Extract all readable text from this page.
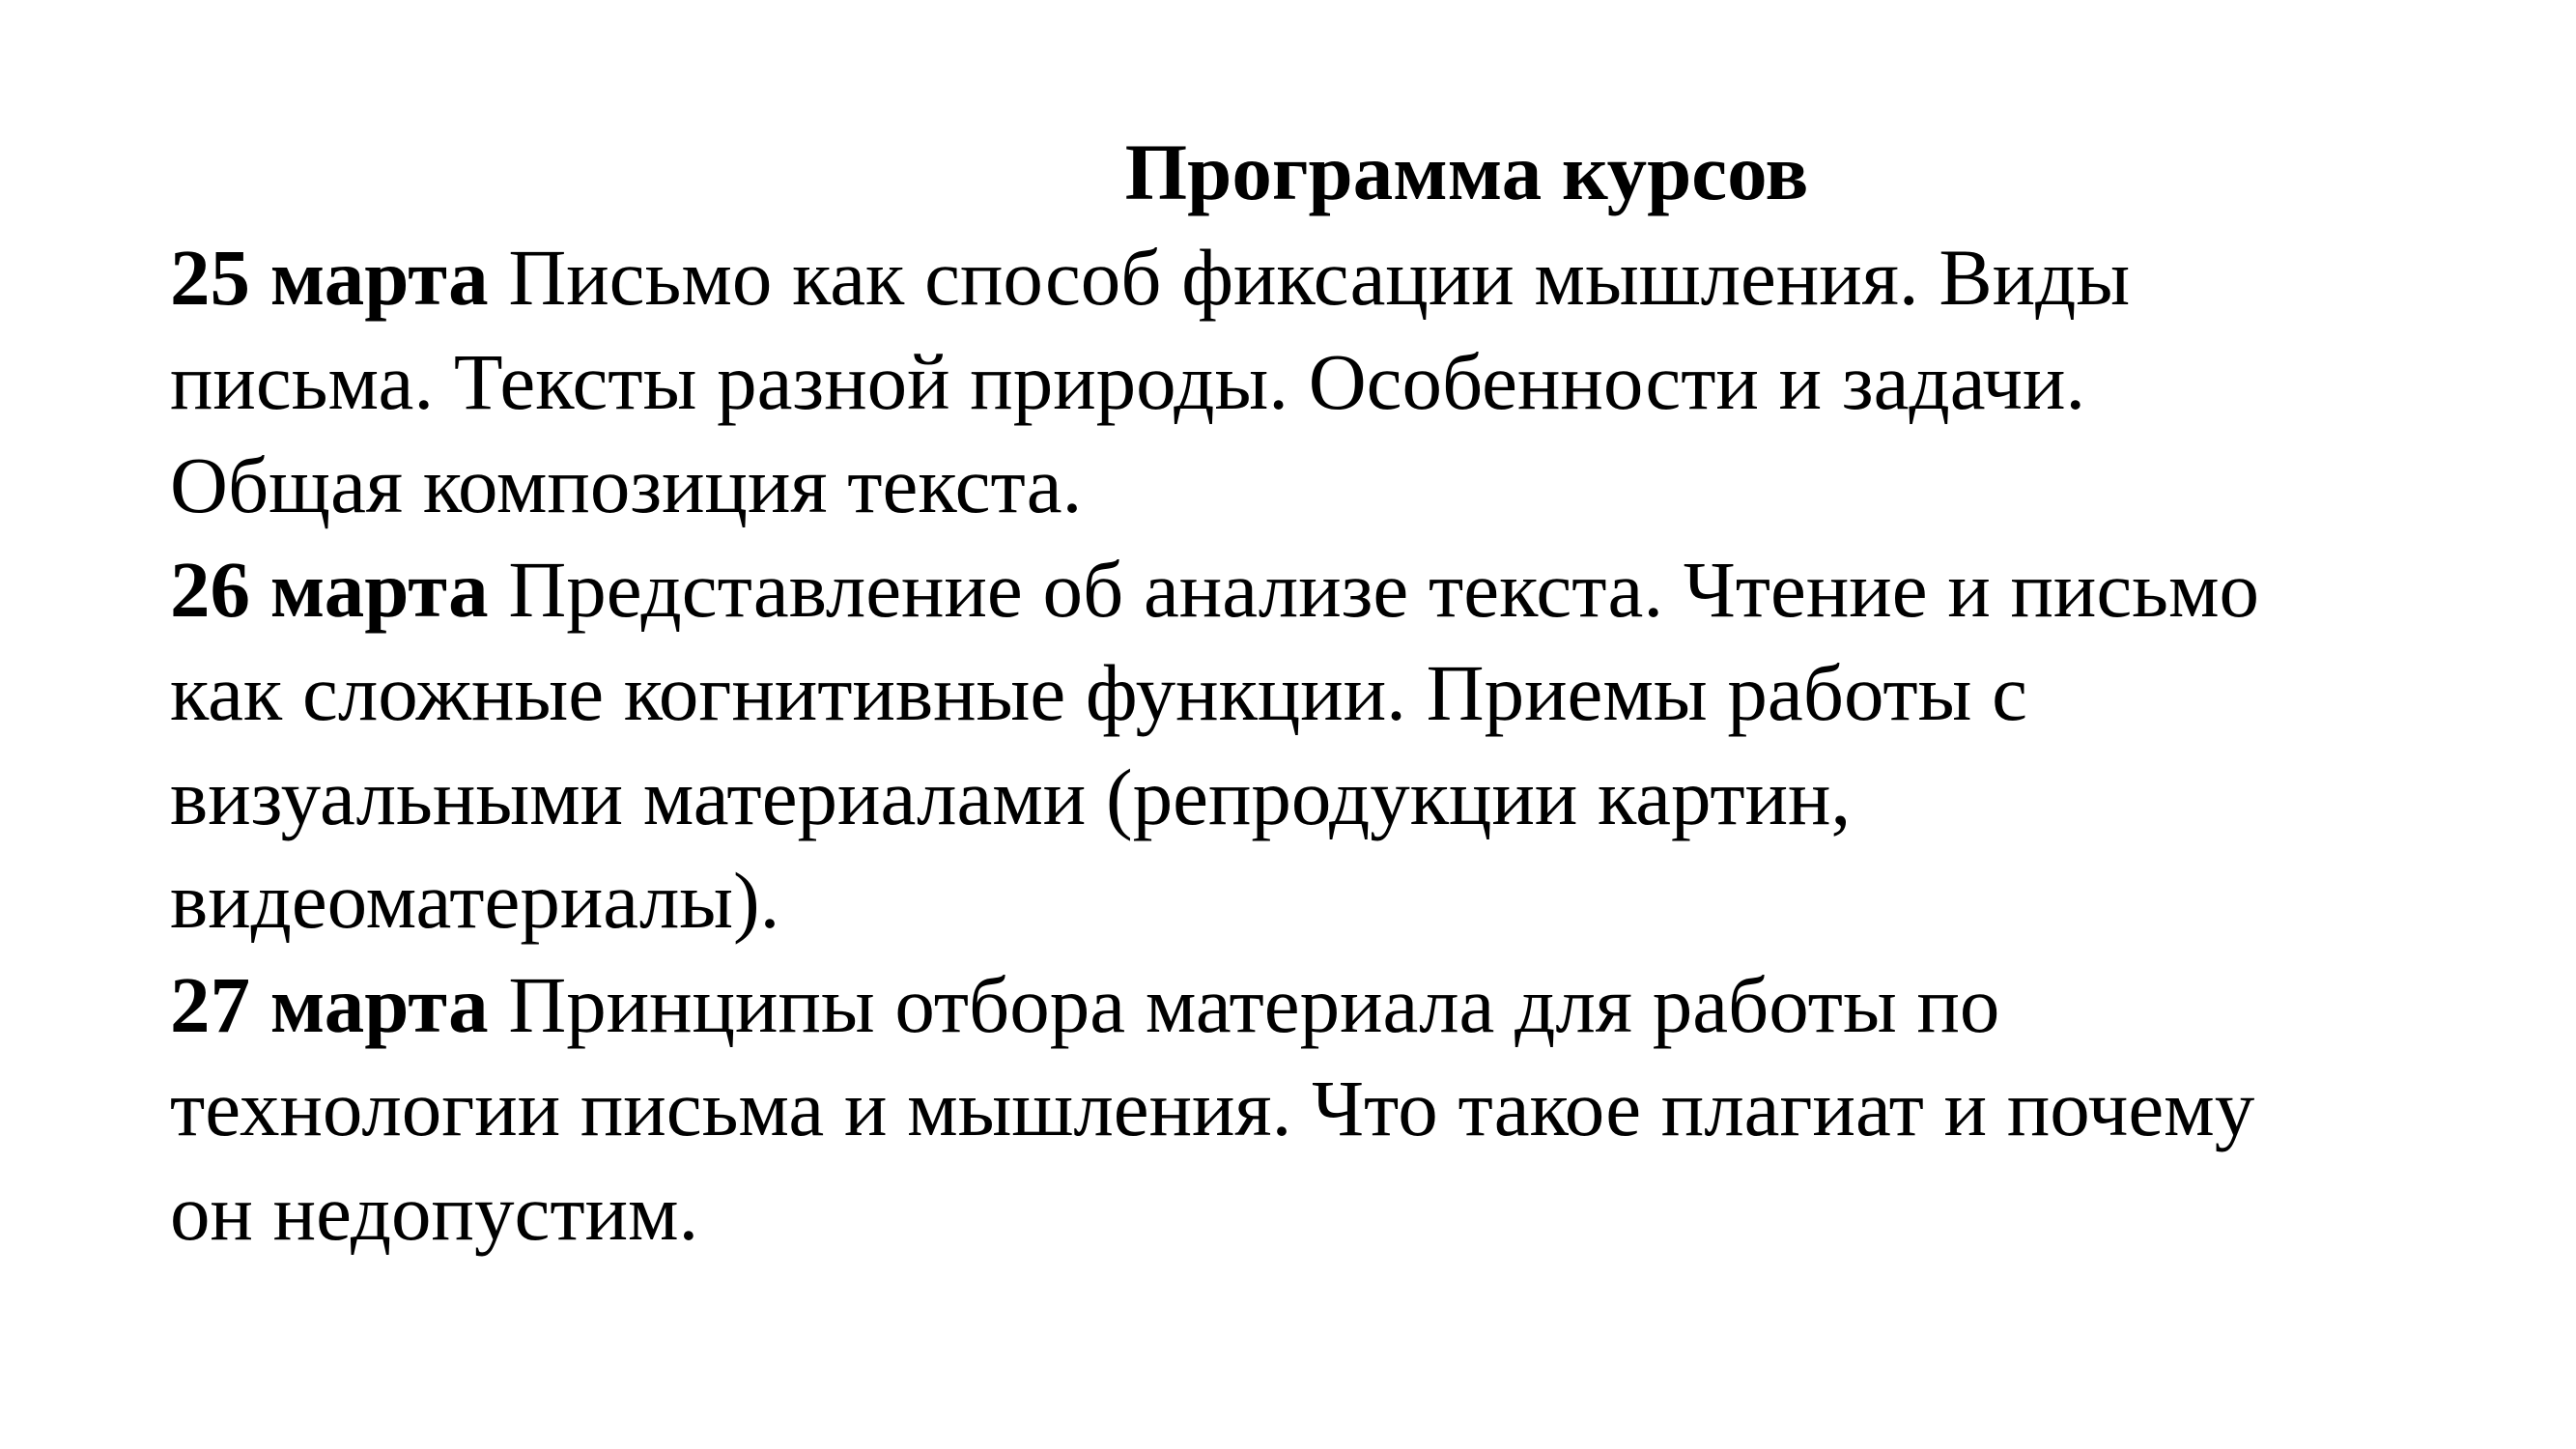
Программа курсов
25 марта Письмо как способ фиксации мышления. Виды
письма. Тексты разной природы. Особенности и задачи.
Общая композиция текста.
26 марта Представление об анализе текста. Чтение и письмо
как сложные когнитивные функции. Приемы работы с
визуальными материалами (репродукции картин,
видеоматериалы).
27 марта Принципы отбора материала для работы по
технологии письма и мышления. Что такое плагиат и почему
он недопустим.
